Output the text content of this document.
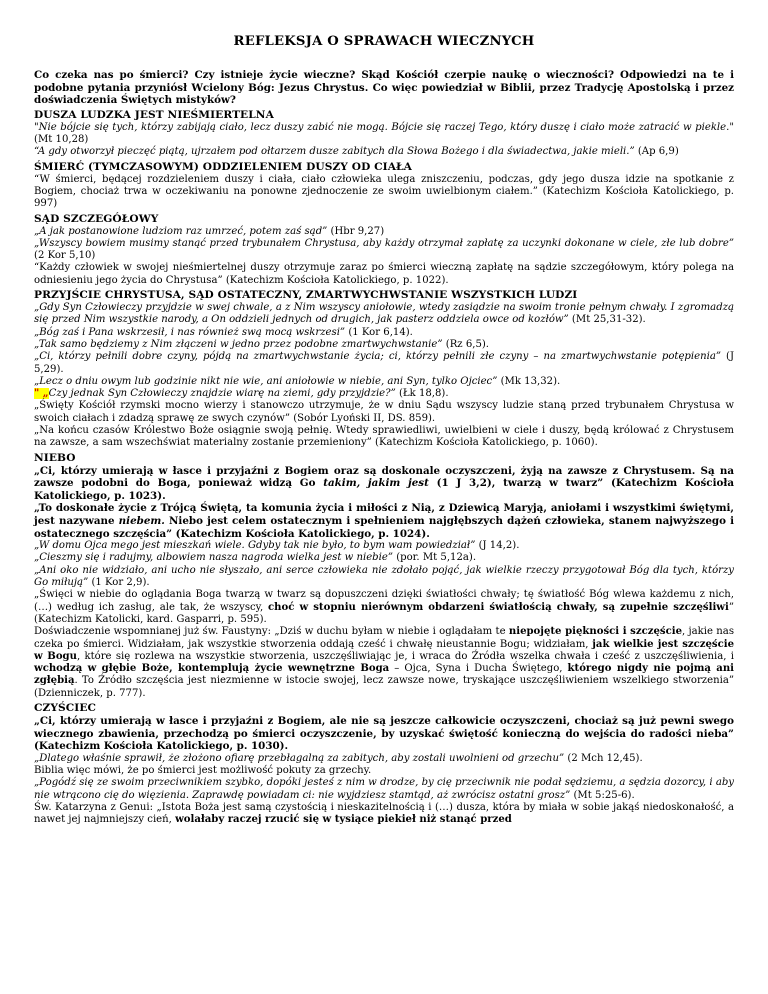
REFLEKSJA O SPRAWACH WIECZNYCH

Co czeka nas po śmierci? Czy istnieje życie wieczne? Skąd Kościół czerpie naukę o wieczności? Odpowiedzi na te i podobne pytania przyniósł Wcielony Bóg: Jezus Chrystus. Co więc powiedział w Biblii, przez Tradycję Apostolską i przez doświadczenia Świętych mistyków?

DUSZA LUDZKA JEST NIEŚMIERTELNA

"Nie bójcie się tych, którzy zabijają ciało, lecz duszy zabić nie mogą. Bójcie się raczej Tego, który duszę i ciało może zatracić w piekle." (Mt 10,28)

“A gdy otworzył pieczęć piątą, ujrzałem pod ołtarzem dusze zabitych dla Słowa Bożego i dla świadectwa, jakie mieli.” (Ap 6,9)

ŚMIERĆ (TYMCZASOWYM) ODDZIELENIEM DUSZY OD CIAŁA

“W śmierci, będącej rozdzieleniem duszy i ciała, ciało człowieka ulega zniszczeniu, podczas, gdy jego dusza idzie na spotkanie z Bogiem, chociaż trwa w oczekiwaniu na ponowne zjednoczenie ze swoim uwielbionym ciałem.” (Katechizm Kościoła Katolickiego, p. 997)

SĄD SZCZEGÓŁOWY

„A jak postanowione ludziom raz umrzeć, potem zaś sąd” (Hbr 9,27)

„Wszyscy bowiem musimy stanąć przed trybunałem Chrystusa, aby każdy otrzymał zapłatę za uczynki dokonane w ciele, złe lub dobre” (2 Kor 5,10)

“Każdy człowiek w swojej nieśmiertelnej duszy otrzymuje zaraz po śmierci wieczną zapłatę na sądzie szczegółowym, który polega na odniesieniu jego życia do Chrystusa” (Katechizm Kościoła Katolickiego, p. 1022).

PRZYJŚCIE CHRYSTUSA, SĄD OSTATECZNY, ZMARTWYCHWSTANIE WSZYSTKICH LUDZI

„Gdy Syn Człowieczy przyjdzie w swej chwale, a z Nim wszyscy aniołowie, wtedy zasiądzie na swoim tronie pełnym chwały. I zgromadzą się przed Nim wszystkie narody, a On oddzieli jednych od drugich, jak pasterz oddziela owce od kozłów” (Mt 25,31-32).

„Bóg zaś i Pana wskrzesił, i nas również swą mocą wskrzesi” (1 Kor 6,14).

„Tak samo będziemy z Nim złączeni w jedno przez podobne zmartwychwstanie” (Rz 6,5).

„Ci, którzy pełnili dobre czyny, pójdą na zmartwychwstanie życia; ci, którzy pełnili złe czyny – na zmartwychwstanie potępienia” (J 5,29).

„Lecz o dniu owym lub godzinie nikt nie wie, ani aniołowie w niebie, ani Syn, tylko Ojciec” (Mk 13,32).

" „Czy jednak Syn Człowieczy znajdzie wiarę na ziemi, gdy przyjdzie?” (Łk 18,8).

„Święty Kościół rzymski mocno wierzy i stanowczo utrzymuje, że w dniu Sądu wszyscy ludzie staną przed trybunałem Chrystusa w swoich ciałach i zdadzą sprawę ze swych czynów” (Sobór Lyoński II, DS. 859).

„Na końcu czasów Królestwo Boże osiągnie swoją pełnię. Wtedy sprawiedliwi, uwielbieni w ciele i duszy, będą królować z Chrystusem na zawsze, a sam wszechświat materialny zostanie przemieniony” (Katechizm Kościoła Katolickiego, p. 1060).

NIEBO

„Ci, którzy umierają w łasce i przyjaźni z Bogiem oraz są doskonale oczyszczeni, żyją na zawsze z Chrystusem. Są na zawsze podobni do Boga, ponieważ widzą Go takim, jakim jest (1 J 3,2), twarzą w twarz” (Katechizm Kościoła Katolickiego, p. 1023).

„To doskonałe życie z Trójcą Świętą, ta komunia życia i miłości z Nią, z Dziewicą Maryją, aniołami i wszystkimi świętymi, jest nazywane niebem. Niebo jest celem ostatecznym i spełnieniem najgłębszych dążeń człowieka, stanem najwyższego i ostatecznego szczęścia” (Katechizm Kościoła Katolickiego, p. 1024).

„W domu Ojca mego jest mieszkań wiele. Gdyby tak nie było, to bym wam powiedział” (J 14,2).

„Cieszmy się i radujmy, albowiem nasza nagroda wielka jest w niebie” (por. Mt 5,12a).

„Ani oko nie widziało, ani ucho nie słyszało, ani serce człowieka nie zdołało pojąć, jak wielkie rzeczy przygotował Bóg dla tych, którzy Go miłują” (1 Kor 2,9).

„Święci w niebie do oglądania Boga twarzą w twarz są dopuszczeni dzięki światłości chwały; tę światłość Bóg wlewa każdemu z nich, (…) według ich zasług, ale tak, że wszyscy, choć w stopniu nierównym obdarzeni światłością chwały, są zupełnie szczęśliwi” (Katechizm Katolicki, kard. Gasparri, p. 595).

Doświadczenie wspomnianej już św. Faustyny: „Dziś w duchu byłam w niebie i oglądałam te niepojęte piękności i szczęście, jakie nas czeka po śmierci. Widziałam, jak wszystkie stworzenia oddają cześć i chwałę nieustannie Bogu; widziałam, jak wielkie jest szczęście w Bogu, które się rozlewa na wszystkie stworzenia, uszczęśliwiając je, i wraca do Źródła wszelka chwała i cześć z uszczęśliwienia, i wchodzą w głębie Boże, kontemplują życie wewnętrzne Boga – Ojca, Syna i Ducha Świętego, którego nigdy nie pojmą ani zgłębią. To Źródło szczęścia jest niezmienne w istocie swojej, lecz zawsze nowe, tryskające uszczęśliwieniem wszelkiego stworzenia” (Dzienniczek, p. 777).

CZYŚCIEC

„Ci, którzy umierają w łasce i przyjaźni z Bogiem, ale nie są jeszcze całkowicie oczyszczeni, chociaż są już pewni swego wiecznego zbawienia, przechodzą po śmierci oczyszczenie, by uzyskać świętość konieczną do wejścia do radości nieba” (Katechizm Kościoła Katolickiego, p. 1030).

„Dlatego właśnie sprawił, że złożono ofiarę przebłagalną za zabitych, aby zostali uwolnieni od grzechu” (2 Mch 12,45).

Biblia więc mówi, że po śmierci jest możliwość pokuty za grzechy.

„Pogódź się ze swoim przeciwnikiem szybko, dopóki jesteś z nim w drodze, by cię przeciwnik nie podał sędziemu, a sędzia dozorcy, i aby nie wtrącono cię do więzienia. Zaprawdę powiadam ci: nie wyjdziesz stamtąd, aż zwrócisz ostatni grosz” (Mt 5:25-6).

Św. Katarzyna z Genui: „Istota Boża jest samą czystością i nieskazitelnością i (…) dusza, która by miała w sobie jakąś niedoskonałość, a nawet jej najmniejszy cień, wolałaby raczej rzucić się w tysiące piekieł niż stanąć przed
